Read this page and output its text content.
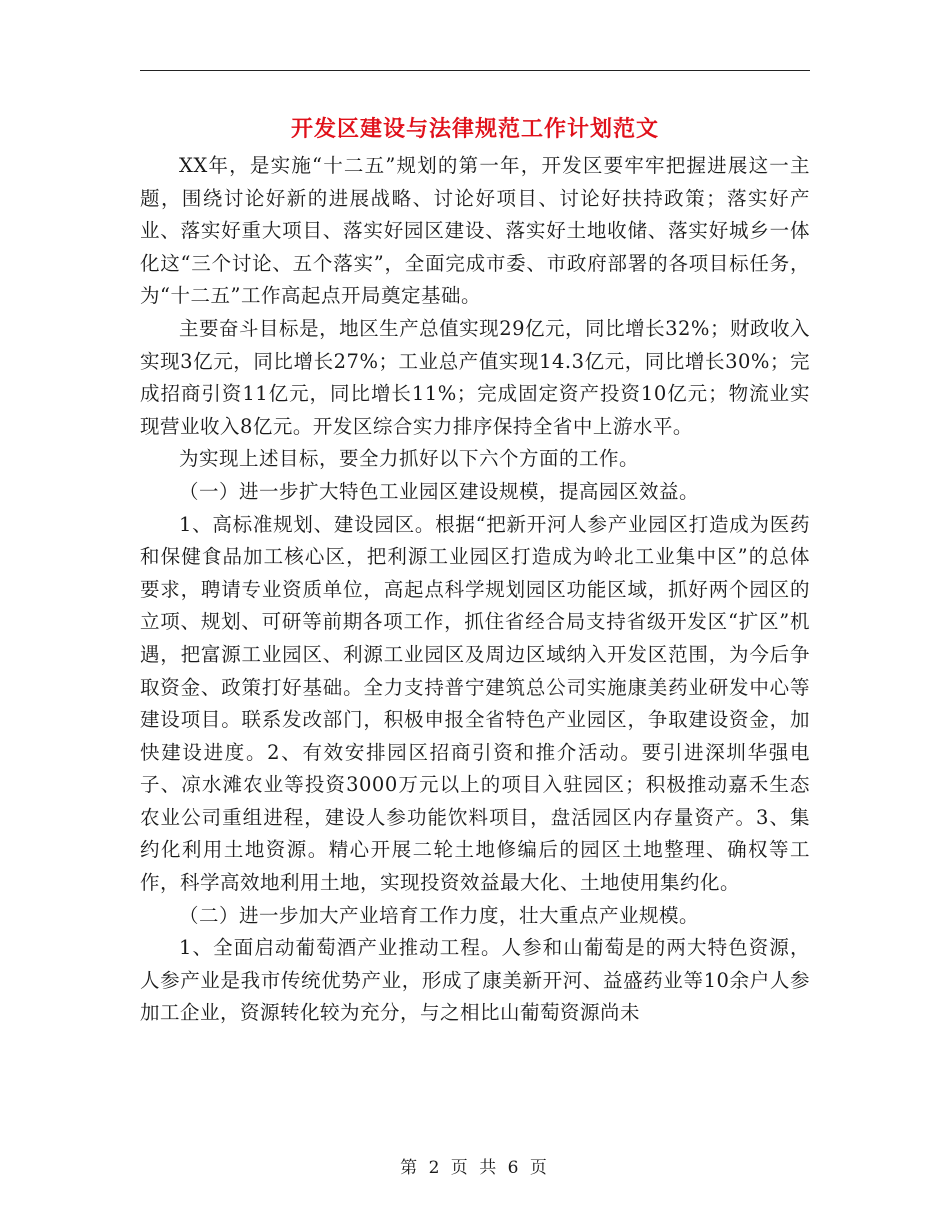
开发区建设与法律规范工作计划范文

XX年，是实施“十二五”规划的第一年，开发区要牢牢把握进展这一主题，围绕讨论好新的进展战略、讨论好项目、讨论好扶持政策；落实好产业、落实好重大项目、落实好园区建设、落实好土地收储、落实好城乡一体化这“三个讨论、五个落实”，全面完成市委、市政府部署的各项目标任务，为“十二五”工作高起点开局奠定基础。

主要奋斗目标是，地区生产总值实现29亿元，同比增长32%；财政收入实现3亿元，同比增长27%；工业总产值实现14.3亿元，同比增长30%；完成招商引资11亿元，同比增长11%；完成固定资产投资10亿元；物流业实现营业收入8亿元。开发区综合实力排序保持全省中上游水平。

为实现上述目标，要全力抓好以下六个方面的工作。

（一）进一步扩大特色工业园区建设规模，提高园区效益。

1、高标准规划、建设园区。根据“把新开河人参产业园区打造成为医药和保健食品加工核心区，把利源工业园区打造成为岭北工业集中区”的总体要求，聘请专业资质单位，高起点科学规划园区功能区域，抓好两个园区的立项、规划、可研等前期各项工作，抓住省经合局支持省级开发区“扩区”机遇，把富源工业园区、利源工业园区及周边区域纳入开发区范围，为今后争取资金、政策打好基础。全力支持普宁建筑总公司实施康美药业研发中心等建设项目。联系发改部门，积极申报全省特色产业园区，争取建设资金，加快建设进度。2、有效安排园区招商引资和推介活动。要引进深圳华强电子、凉水滩农业等投资3000万元以上的项目入驻园区；积极推动嘉禾生态农业公司重组进程，建设人参功能饮料项目，盘活园区内存量资产。3、集约化利用土地资源。精心开展二轮土地修编后的园区土地整理、确权等工作，科学高效地利用土地，实现投资效益最大化、土地使用集约化。

（二）进一步加大产业培育工作力度，壮大重点产业规模。

1、全面启动葡萄酒产业推动工程。人参和山葡萄是的两大特色资源，人参产业是我市传统优势产业，形成了康美新开河、益盛药业等10余户人参加工企业，资源转化较为充分，与之相比山葡萄资源尚未

第 2 页 共 6 页
